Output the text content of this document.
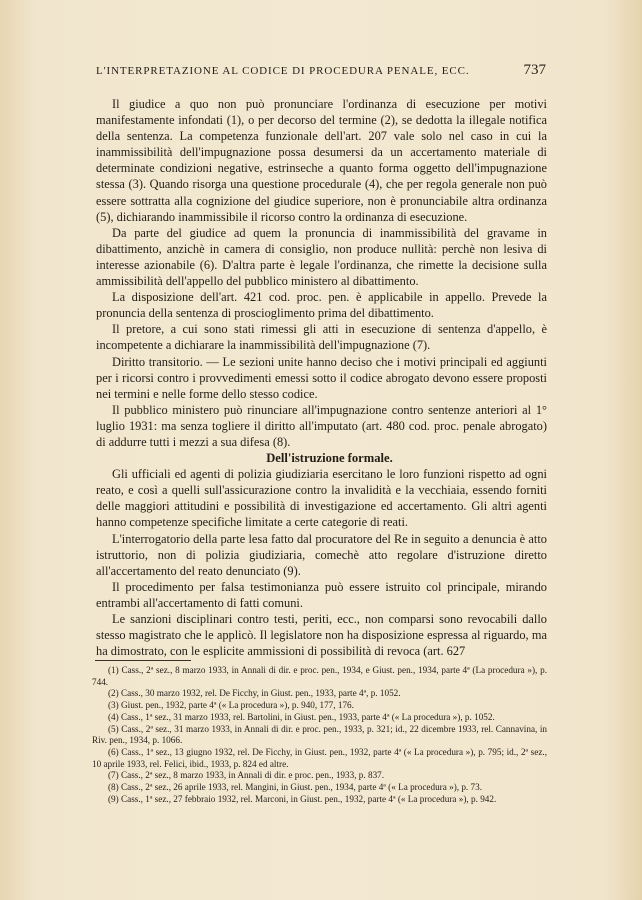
L'INTERPRETAZIONE AL CODICE DI PROCEDURA PENALE, ECC.	737

Il giudice a quo non può pronunciare l'ordinanza di esecuzione per motivi manifestamente infondati (1), o per decorso del termine (2), se dedotta la illegale notifica della sentenza. La competenza funzionale dell'art. 207 vale solo nel caso in cui la inammissibilità dell'impugnazione possa desumersi da un accertamento materiale di determinate condizioni negative, estrinseche a quanto forma oggetto dell'impugnazione stessa (3). Quando risorga una questione procedurale (4), che per regola generale non può essere sottratta alla cognizione del giudice superiore, non è pronunciabile altra ordinanza (5), dichiarando inammissibile il ricorso contro la ordinanza di esecuzione.

Da parte del giudice ad quem la pronuncia di inammissibilità del gravame in dibattimento, anzichè in camera di consiglio, non produce nullità: perchè non lesiva di interesse azionabile (6). D'altra parte è legale l'ordinanza, che rimette la decisione sulla ammissibilità dell'appello del pubblico ministero al dibattimento.

La disposizione dell'art. 421 cod. proc. pen. è applicabile in appello. Prevede la pronuncia della sentenza di proscioglimento prima del dibattimento.

Il pretore, a cui sono stati rimessi gli atti in esecuzione di sentenza d'appello, è incompetente a dichiarare la inammissibilità dell'impugnazione (7).

Diritto transitorio. — Le sezioni unite hanno deciso che i motivi principali ed aggiunti per i ricorsi contro i provvedimenti emessi sotto il codice abrogato devono essere proposti nei termini e nelle forme dello stesso codice.

Il pubblico ministero può rinunciare all'impugnazione contro sentenze anteriori al 1° luglio 1931: ma senza togliere il diritto all'imputato (art. 480 cod. proc. penale abrogato) di addurre tutti i mezzi a sua difesa (8).

Dell'istruzione formale.

Gli ufficiali ed agenti di polizia giudiziaria esercitano le loro funzioni rispetto ad ogni reato, e così a quelli sull'assicurazione contro la invalidità e la vecchiaia, essendo forniti delle maggiori attitudini e possibilità di investigazione ed accertamento. Gli altri agenti hanno competenze specifiche limitate a certe categorie di reati.

L'interrogatorio della parte lesa fatto dal procuratore del Re in seguito a denuncia è atto istruttorio, non di polizia giudiziaria, comechè atto regolare d'istruzione diretto all'accertamento del reato denunciato (9).

Il procedimento per falsa testimonianza può essere istruito col principale, mirando entrambi all'accertamento di fatti comuni.

Le sanzioni disciplinari contro testi, periti, ecc., non comparsi sono revocabili dallo stesso magistrato che le applicò. Il legislatore non ha disposizione espressa al riguardo, ma ha dimostrato, con le esplicite ammissioni di possibilità di revoca (art. 627

(1) Cass., 2ª sez., 8 marzo 1933, in Annali di dir. e proc. pen., 1934, e Giust. pen., 1934, parte 4ª (La procedura »), p. 744.

(2) Cass., 30 marzo 1932, rel. De Ficchy, in Giust. pen., 1933, parte 4ª, p. 1052.

(3) Giust. pen., 1932, parte 4ª (« La procedura »), p. 940, 177, 176.

(4) Cass., 1ª sez., 31 marzo 1933, rel. Bartolini, in Giust. pen., 1933, parte 4ª (« La procedura »), p. 1052.

(5) Cass., 2ª sez., 31 marzo 1933, in Annali di dir. e proc. pen., 1933, p. 321; id., 22 dicembre 1933, rel. Cannavina, in Riv. pen., 1934, p. 1066.

(6) Cass., 1ª sez., 13 giugno 1932, rel. De Ficchy, in Giust. pen., 1932, parte 4ª (« La procedura »), p. 795; id., 2ª sez., 10 aprile 1933, rel. Felici, ibid., 1933, p. 824 ed altre.

(7) Cass., 2ª sez., 8 marzo 1933, in Annali di dir. e proc. pen., 1933, p. 837.

(8) Cass., 2ª sez., 26 aprile 1933, rel. Mangini, in Giust. pen., 1934, parte 4ª (« La procedura »), p. 73.

(9) Cass., 1ª sez., 27 febbraio 1932, rel. Marconi, in Giust. pen., 1932, parte 4ª (« La procedura »), p. 942.
